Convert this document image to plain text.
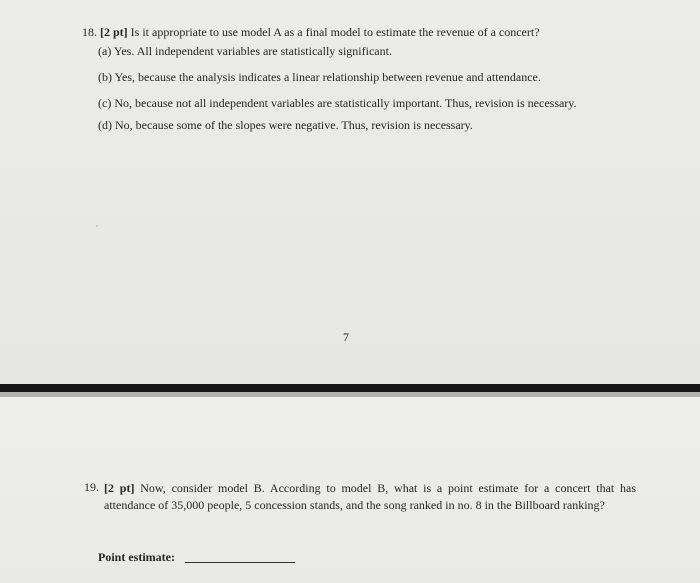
18. [2 pt] Is it appropriate to use model A as a final model to estimate the revenue of a concert?
(a) Yes. All independent variables are statistically significant.
(b) Yes, because the analysis indicates a linear relationship between revenue and attendance.
(c) No, because not all independent variables are statistically important. Thus, revision is necessary.
(d) No, because some of the slopes were negative. Thus, revision is necessary.
7
19. [2 pt] Now, consider model B. According to model B, what is a point estimate for a concert that has attendance of 35,000 people, 5 concession stands, and the song ranked in no. 8 in the Billboard ranking?
Point estimate:
